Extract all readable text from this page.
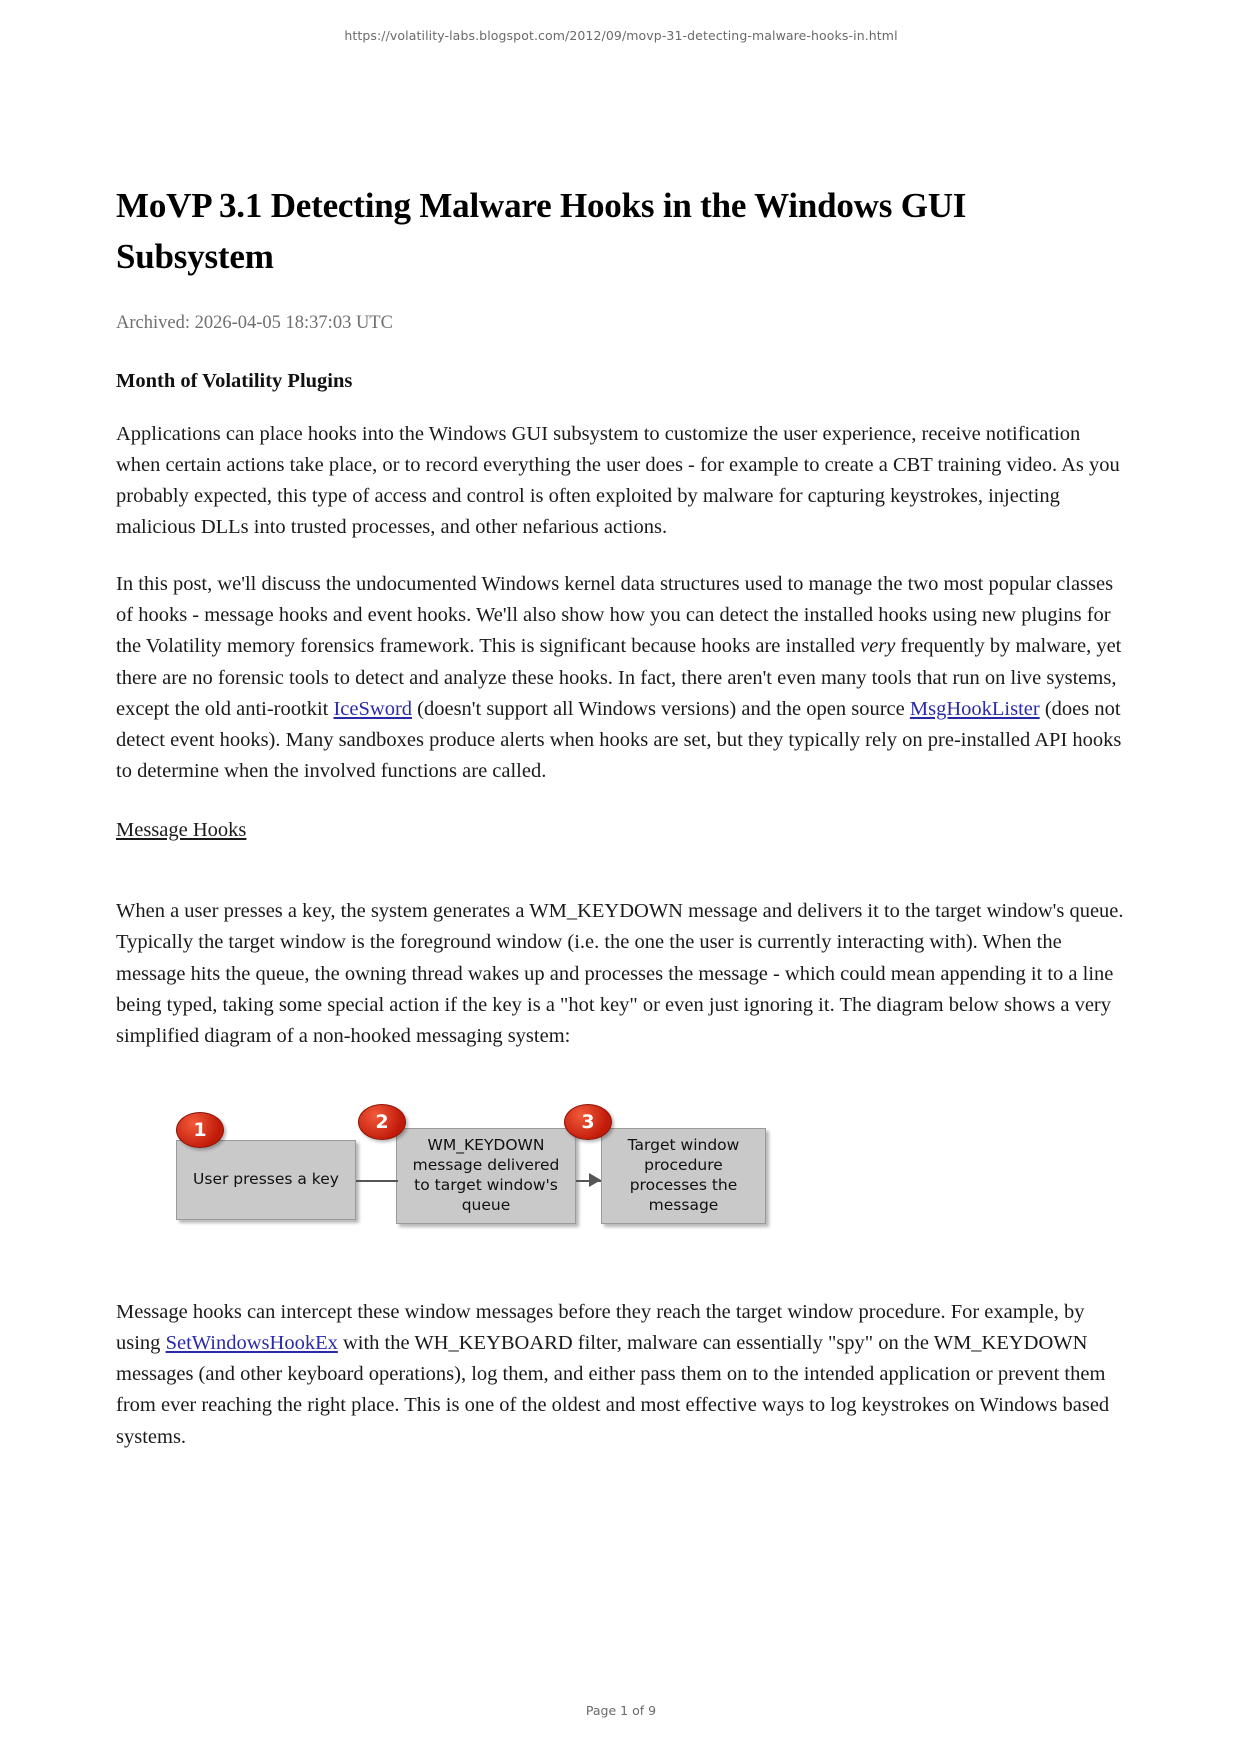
https://volatility-labs.blogspot.com/2012/09/movp-31-detecting-malware-hooks-in.html
MoVP 3.1 Detecting Malware Hooks in the Windows GUI Subsystem
Archived: 2026-04-05 18:37:03 UTC
Month of Volatility Plugins

Applications can place hooks into the Windows GUI subsystem to customize the user experience, receive notification when certain actions take place, or to record everything the user does - for example to create a CBT training video. As you probably expected, this type of access and control is often exploited by malware for capturing keystrokes, injecting malicious DLLs into trusted processes, and other nefarious actions.

In this post, we'll discuss the undocumented Windows kernel data structures used to manage the two most popular classes of hooks - message hooks and event hooks. We'll also show how you can detect the installed hooks using new plugins for the Volatility memory forensics framework. This is significant because hooks are installed very frequently by malware, yet there are no forensic tools to detect and analyze these hooks. In fact, there aren't even many tools that run on live systems, except the old anti-rootkit IceSword (doesn't support all Windows versions) and the open source MsgHookLister (does not detect event hooks). Many sandboxes produce alerts when hooks are set, but they typically rely on pre-installed API hooks to determine when the involved functions are called.

Message Hooks

When a user presses a key, the system generates a WM_KEYDOWN message and delivers it to the target window's queue. Typically the target window is the foreground window (i.e. the one the user is currently interacting with). When the message hits the queue, the owning thread wakes up and processes the message - which could mean appending it to a line being typed, taking some special action if the key is a "hot key" or even just ignoring it. The diagram below shows a very simplified diagram of a non-hooked messaging system:

User presses a key
WM_KEYDOWN message delivered to target window's queue
Target window procedure processes the message
1	2	3

Message hooks can intercept these window messages before they reach the target window procedure. For example, by using SetWindowsHookEx with the WH_KEYBOARD filter, malware can essentially "spy" on the WM_KEYDOWN messages (and other keyboard operations), log them, and either pass them on to the intended application or prevent them from ever reaching the right place. This is one of the oldest and most effective ways to log keystrokes on Windows based systems.

Page 1 of 9
